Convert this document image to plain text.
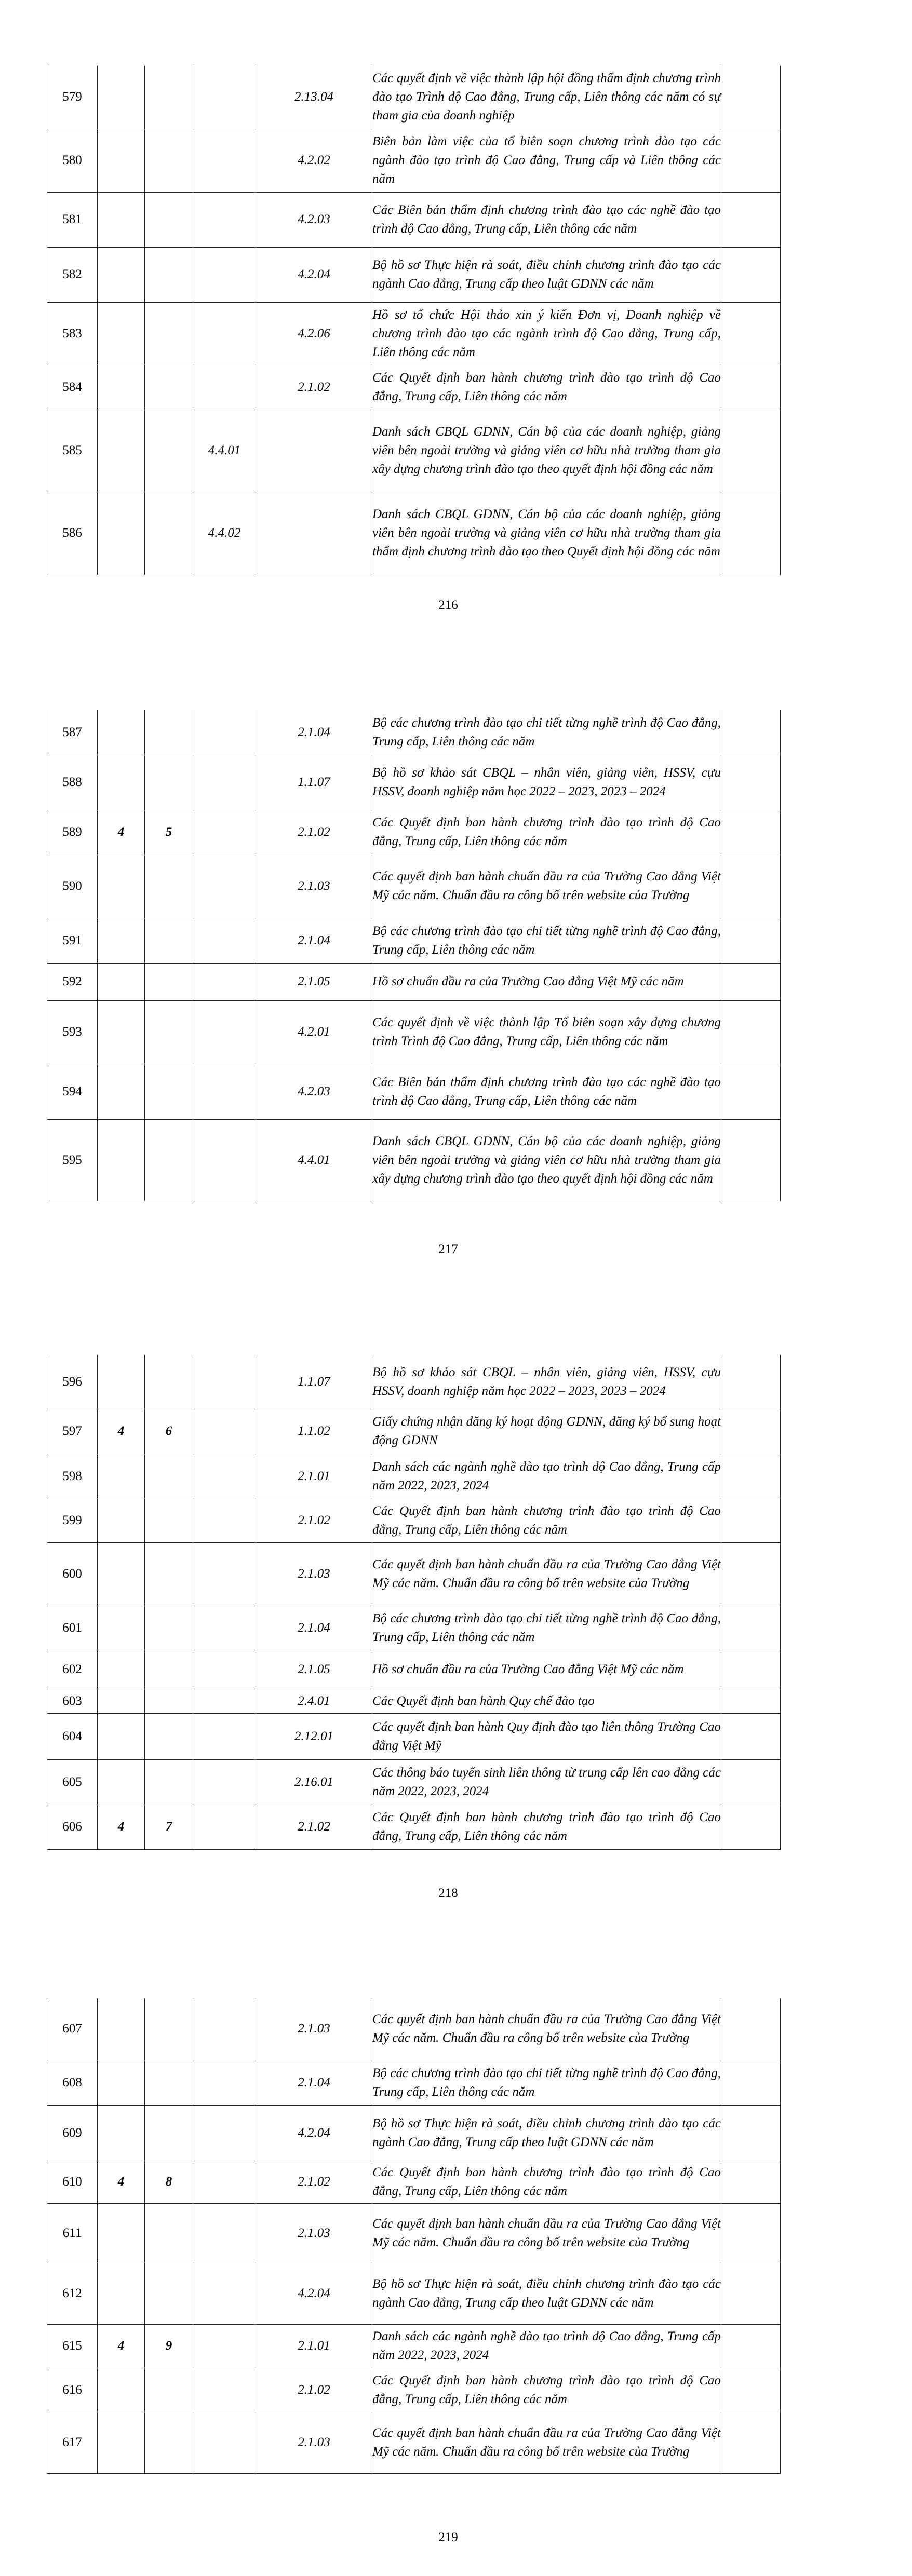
579				2.13.04	Các quyết định về việc thành lập hội đồng thẩm định chương trình đào tạo Trình độ Cao đẳng, Trung cấp, Liên thông các năm có sự tham gia của doanh nghiệp	
580				4.2.02	Biên bản làm việc của tổ biên soạn chương trình đào tạo các ngành đào tạo trình độ Cao đẳng, Trung cấp và Liên thông các năm	
581				4.2.03	Các Biên bản thẩm định chương trình đào tạo các nghề đào tạo trình độ Cao đẳng, Trung cấp, Liên thông các năm	
582				4.2.04	Bộ hồ sơ Thực hiện rà soát, điều chỉnh chương trình đào tạo các ngành Cao đẳng, Trung cấp theo luật GDNN các năm	
583				4.2.06	Hồ sơ tổ chức Hội thảo xin ý kiến Đơn vị, Doanh nghiệp về chương trình đào tạo các ngành trình độ Cao đẳng, Trung cấp, Liên thông các năm	
584				2.1.02	Các Quyết định ban hành chương trình đào tạo trình độ Cao đẳng, Trung cấp, Liên thông các năm	
585			4.4.01		Danh sách CBQL GDNN, Cán bộ của các doanh nghiệp, giảng viên bên ngoài trường và giảng viên cơ hữu nhà trường tham gia xây dựng chương trình đào tạo theo quyết định hội đồng các năm	
586			4.4.02		Danh sách CBQL GDNN, Cán bộ của các doanh nghiệp, giảng viên bên ngoài trường và giảng viên cơ hữu nhà trường tham gia thẩm định chương trình đào tạo theo Quyết định hội đồng các năm	
216
587				2.1.04	Bộ các chương trình đào tạo chi tiết từng nghề trình độ Cao đẳng, Trung cấp, Liên thông các năm	
588				1.1.07	Bộ hồ sơ khảo sát CBQL – nhân viên, giảng viên, HSSV, cựu HSSV, doanh nghiệp năm học 2022 – 2023, 2023 – 2024	
589	4	5		2.1.02	Các Quyết định ban hành chương trình đào tạo trình độ Cao đẳng, Trung cấp, Liên thông các năm	
590				2.1.03	Các quyết định ban hành chuẩn đầu ra của Trường Cao đẳng Việt Mỹ các năm. Chuẩn đầu ra công bố trên website của Trường	
591				2.1.04	Bộ các chương trình đào tạo chi tiết từng nghề trình độ Cao đẳng, Trung cấp, Liên thông các năm	
592				2.1.05	Hồ sơ chuẩn đầu ra của Trường Cao đẳng Việt Mỹ các năm	
593				4.2.01	Các quyết định về việc thành lập Tổ biên soạn xây dựng chương trình Trình độ Cao đẳng, Trung cấp, Liên thông các năm	
594				4.2.03	Các Biên bản thẩm định chương trình đào tạo các nghề đào tạo trình độ Cao đẳng, Trung cấp, Liên thông các năm	
595				4.4.01	Danh sách CBQL GDNN, Cán bộ của các doanh nghiệp, giảng viên bên ngoài trường và giảng viên cơ hữu nhà trường tham gia xây dựng chương trình đào tạo theo quyết định hội đồng các năm	
217
596				1.1.07	Bộ hồ sơ khảo sát CBQL – nhân viên, giảng viên, HSSV, cựu HSSV, doanh nghiệp năm học 2022 – 2023, 2023 – 2024	
597	4	6		1.1.02	Giấy chứng nhận đăng ký hoạt động GDNN, đăng ký bổ sung hoạt động GDNN	
598				2.1.01	Danh sách các ngành nghề đào tạo trình độ Cao đẳng, Trung cấp năm 2022, 2023, 2024	
599				2.1.02	Các Quyết định ban hành chương trình đào tạo trình độ Cao đẳng, Trung cấp, Liên thông các năm	
600				2.1.03	Các quyết định ban hành chuẩn đầu ra của Trường Cao đẳng Việt Mỹ các năm. Chuẩn đầu ra công bố trên website của Trường	
601				2.1.04	Bộ các chương trình đào tạo chi tiết từng nghề trình độ Cao đẳng, Trung cấp, Liên thông các năm	
602				2.1.05	Hồ sơ chuẩn đầu ra của Trường Cao đẳng Việt Mỹ các năm	
603				2.4.01	Các Quyết định ban hành Quy chế đào tạo	
604				2.12.01	Các quyết định ban hành Quy định đào tạo liên thông Trường Cao đẳng Việt Mỹ	
605				2.16.01	Các thông báo tuyển sinh liên thông từ trung cấp lên cao đẳng các năm 2022, 2023, 2024	
606	4	7		2.1.02	Các Quyết định ban hành chương trình đào tạo trình độ Cao đẳng, Trung cấp, Liên thông các năm	
218
607				2.1.03	Các quyết định ban hành chuẩn đầu ra của Trường Cao đẳng Việt Mỹ các năm. Chuẩn đầu ra công bố trên website của Trường	
608				2.1.04	Bộ các chương trình đào tạo chi tiết từng nghề trình độ Cao đẳng, Trung cấp, Liên thông các năm	
609				4.2.04	Bộ hồ sơ Thực hiện rà soát, điều chỉnh chương trình đào tạo các ngành Cao đẳng, Trung cấp theo luật GDNN các năm	
610	4	8		2.1.02	Các Quyết định ban hành chương trình đào tạo trình độ Cao đẳng, Trung cấp, Liên thông các năm	
611				2.1.03	Các quyết định ban hành chuẩn đầu ra của Trường Cao đẳng Việt Mỹ các năm. Chuẩn đầu ra công bố trên website của Trường	
612				4.2.04	Bộ hồ sơ Thực hiện rà soát, điều chỉnh chương trình đào tạo các ngành Cao đẳng, Trung cấp theo luật GDNN các năm	
615	4	9		2.1.01	Danh sách các ngành nghề đào tạo trình độ Cao đẳng, Trung cấp năm 2022, 2023, 2024	
616				2.1.02	Các Quyết định ban hành chương trình đào tạo trình độ Cao đẳng, Trung cấp, Liên thông các năm	
617				2.1.03	Các quyết định ban hành chuẩn đầu ra của Trường Cao đẳng Việt Mỹ các năm. Chuẩn đầu ra công bố trên website của Trường	
219
